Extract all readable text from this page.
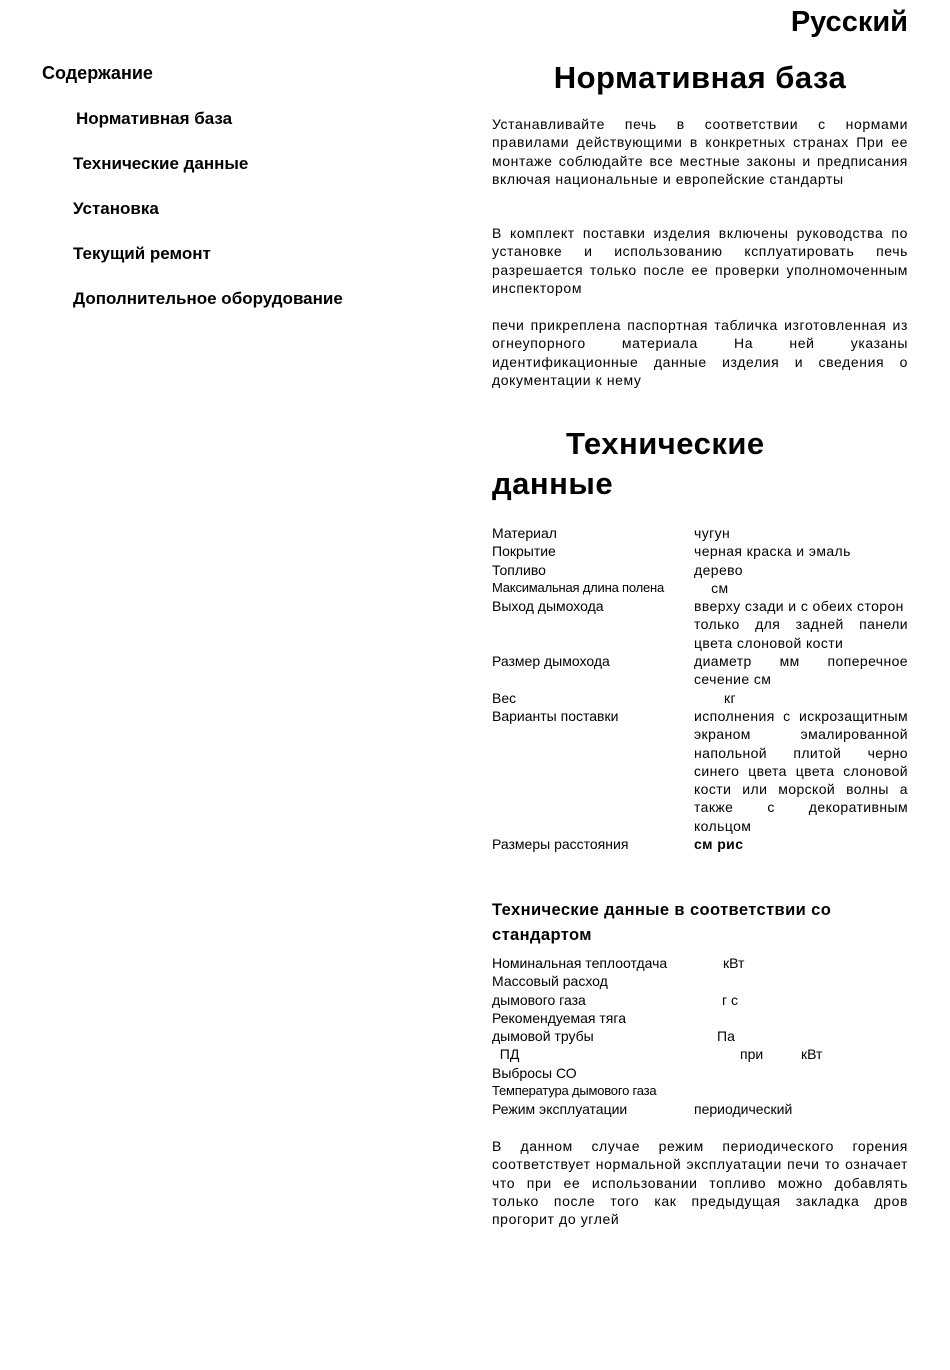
Русский
Содержание
Нормативная база
Технические данные
Установка
Текущий ремонт
Дополнительное оборудование
Нормативная база
Устанавливайте печь в соответствии с нормами правилами действующими в конкретных странах При ее монтаже соблюдайте все местные законы и предписания включая национальные и европейские стандарты
В комплект поставки изделия включены руководства по установке и использованию ксплуатировать печь разрешается только после ее проверки уполномоченным инспектором
печи прикреплена паспортная табличка изготовленная из огнеупорного материала На ней указаны идентификационные данные изделия и сведения о документации к нему
Технические
данные
Материал	чугун
Покрытие	черная краска и эмаль
Топливо	дерево
Максимальная длина полена	см
Выход дымохода	вверху сзади и с обеих сторон
только для задней панели цвета слоновой кости
Размер дымохода	диаметр мм поперечное сечение см
Вес	кг
Варианты поставки	исполнения с искрозащитным экраном эмалированной напольной плитой черно синего цвета цвета слоновой кости или морской волны а также с декоративным кольцом
Размеры расстояния	см рис
Технические данные в соответствии со стандартом
Номинальная теплоотдача	кВт
Массовый расход
дымового газа	г с
Рекомендуемая тяга
дымовой трубы	Па
ПД	при	кВт
Выбросы СО
Температура дымового газа
Режим эксплуатации	периодический
В данном случае режим периодического горения соответствует нормальной эксплуатации печи то означает что при ее использовании топливо можно добавлять только после того как предыдущая закладка дров прогорит до углей
